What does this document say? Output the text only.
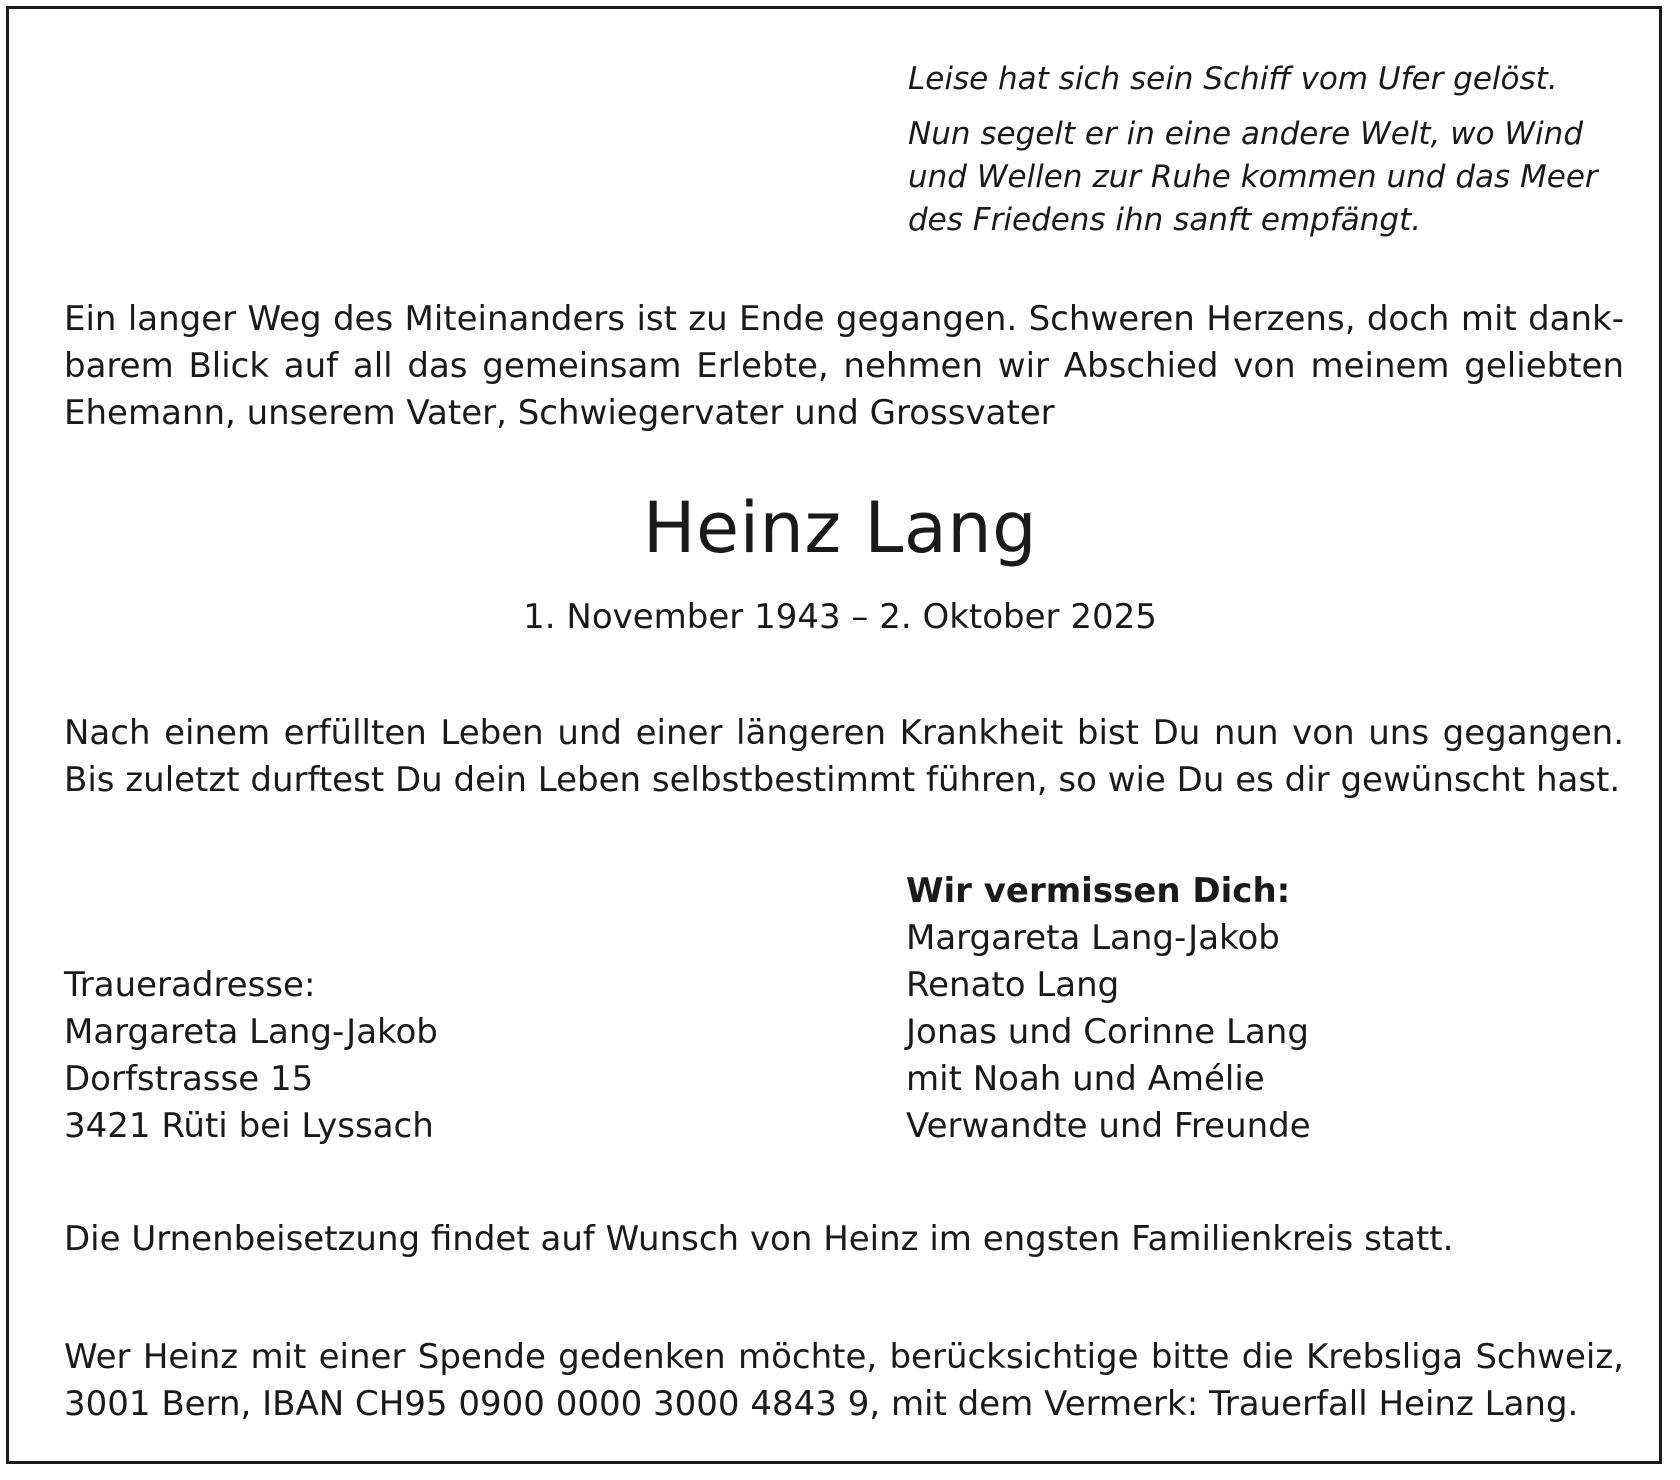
Leise hat sich sein Schiff vom Ufer gelöst.
Nun segelt er in eine andere Welt, wo Wind
und Wellen zur Ruhe kommen und das Meer
des Friedens ihn sanft empfängt.
Ein langer Weg des Miteinanders ist zu Ende gegangen. Schweren Herzens, doch mit dank-
barem Blick auf all das gemeinsam Erlebte, nehmen wir Abschied von meinem geliebten
Ehemann, unserem Vater, Schwiegervater und Grossvater
Heinz Lang
1. November 1943 – 2. Oktober 2025
Nach einem erfüllten Leben und einer längeren Krankheit bist Du nun von uns gegangen.
Bis zuletzt durftest Du dein Leben selbstbestimmt führen, so wie Du es dir gewünscht hast.
Wir vermissen Dich:
Margareta Lang-Jakob
Renato Lang
Jonas und Corinne Lang
mit Noah und Amélie
Verwandte und Freunde
Traueradresse:
Margareta Lang-Jakob
Dorfstrasse 15
3421 Rüti bei Lyssach
Die Urnenbeisetzung findet auf Wunsch von Heinz im engsten Familienkreis statt.
Wer Heinz mit einer Spende gedenken möchte, berücksichtige bitte die Krebsliga Schweiz,
3001 Bern, IBAN CH95 0900 0000 3000 4843 9, mit dem Vermerk: Trauerfall Heinz Lang.
